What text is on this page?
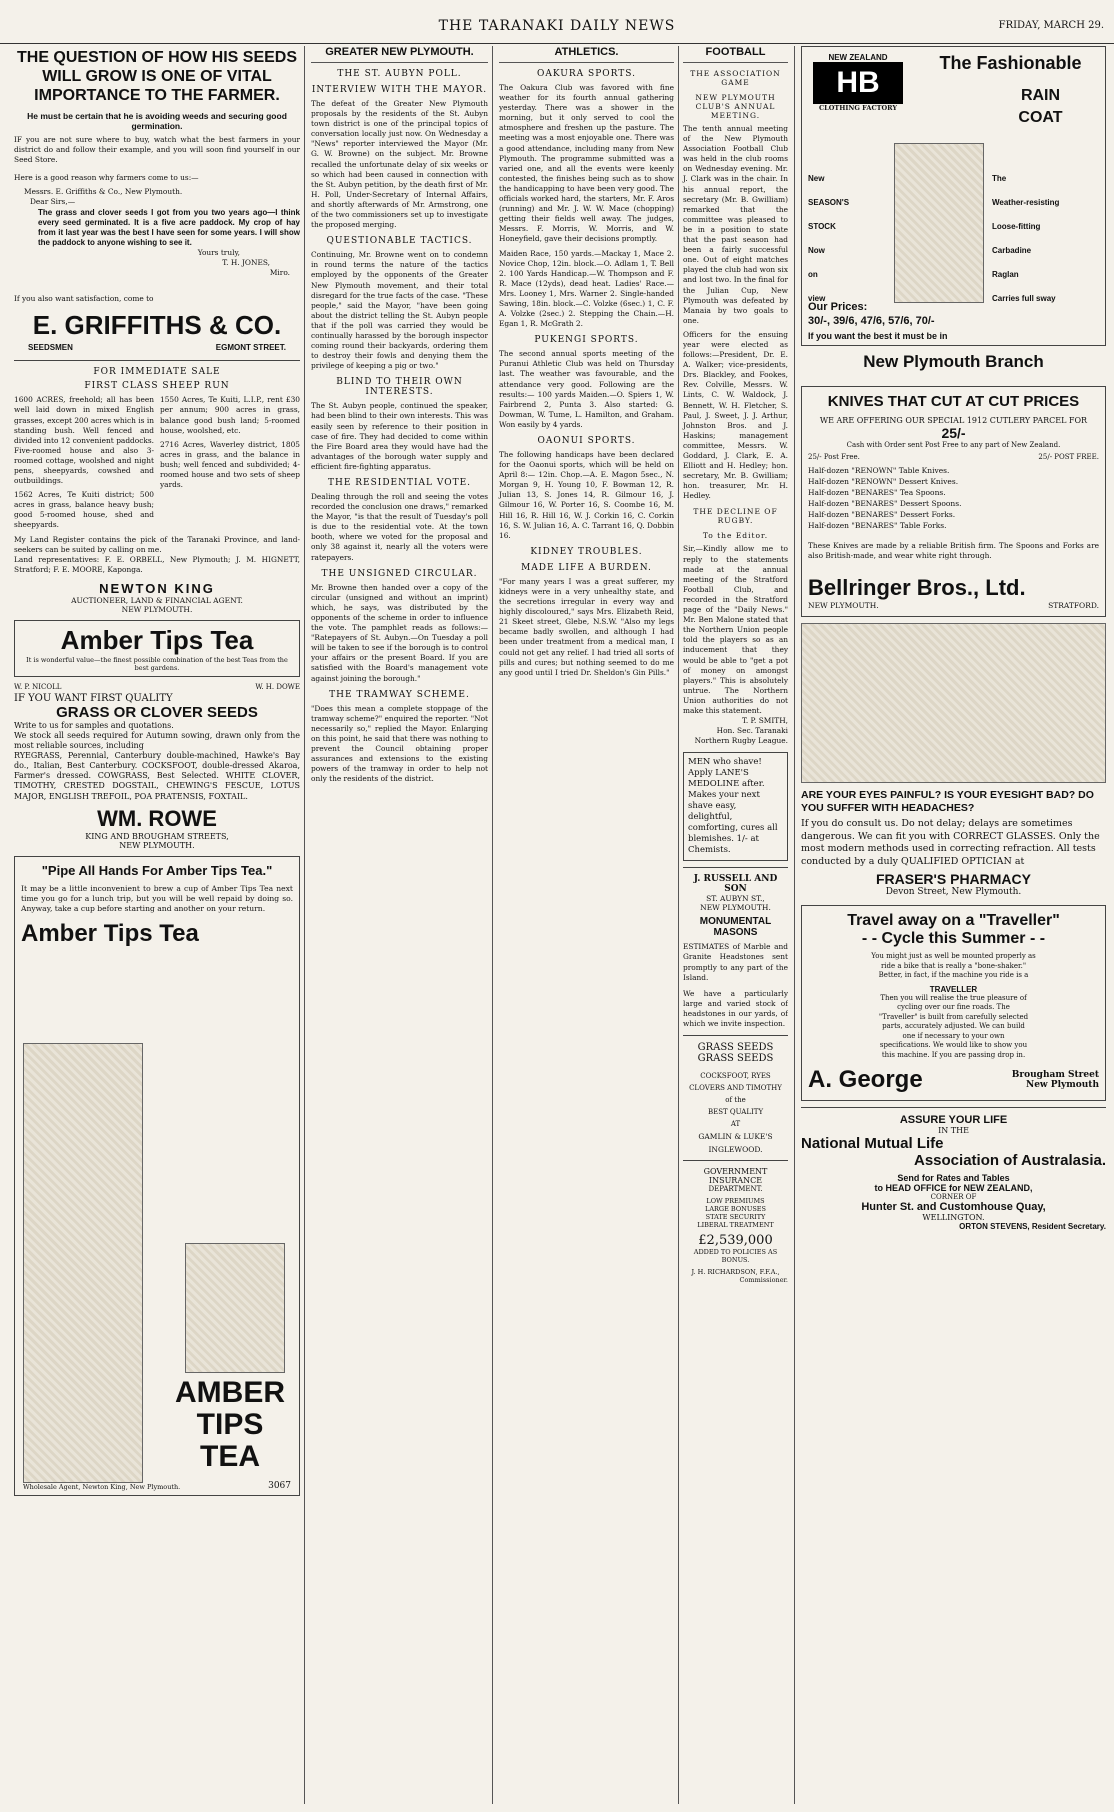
THE TARANAKI DAILY NEWS	FRIDAY, MARCH 29.
THE QUESTION OF HOW HIS SEEDS WILL GROW IS ONE OF VITAL IMPORTANCE TO THE FARMER.
He must be certain that he is avoiding weeds and securing good germination.
IF you are not sure where to buy, watch what the best farmers in your district do and follow their example, and you will soon find yourself in our Seed Store.
Here is a good reason why farmers come to us:—
Messrs. E. Griffiths & Co., New Plymouth.
Dear Sirs,—
The grass and clover seeds I got from you two years ago—I think every seed germinated. It is a five acre paddock. My crop of hay from it last year was the best I have seen for some years. I will show the paddock to anyone wishing to see it.
Yours truly,
T. H. JONES,
Miro.
If you also want satisfaction, come to
E. GRIFFITHS & CO.
SEEDSMEN	EGMONT STREET.
FOR IMMEDIATE SALE
FIRST CLASS SHEEP RUN
1600 ACRES, freehold; all has been well laid down in mixed English grasses, except 200 acres which is in standing bush. Well fenced and divided into 12 convenient paddocks. Five-roomed house and also 3-roomed cottage, woolshed and night pens, sheepyards, cowshed and outbuildings.
1562 Acres, Te Kuiti district; 500 acres in grass, balance heavy bush; good 5-roomed house, shed and sheepyards.
1550 Acres, Te Kuiti, L.I.P., rent £30 per annum; 900 acres in grass, balance good bush land; 5-roomed house, woolshed, etc.
2716 Acres, Waverley district, 1805 acres in grass, and the balance in bush; well fenced and subdivided; 4-roomed house and two sets of sheep yards.
My Land Register contains the pick of the Taranaki Province, and land-seekers can be suited by calling on me.
Land representatives: F. E. ORBELL, New Plymouth; J. M. HIGNETT, Stratford; F. E. MOORE, Kaponga.
NEWTON KING
AUCTIONEER, LAND & FINANCIAL AGENT.
NEW PLYMOUTH.
Amber Tips Tea
It is wonderful value—the finest possible combination of the best Teas from the best gardens.
W. P. NICOLL	W. H. DOWE
IF YOU WANT FIRST QUALITY
GRASS OR CLOVER SEEDS
Write to us for samples and quotations.
We stock all seeds required for Autumn sowing, drawn only from the most reliable sources, including
RYEGRASS, Perennial, Canterbury double-machined, Hawke's Bay do., Italian, Best Canterbury. COCKSFOOT, double-dressed Akaroa, Farmer's dressed. COWGRASS, Best Selected. WHITE CLOVER, TIMOTHY, CRESTED DOGSTAIL, CHEWING'S FESCUE, LOTUS MAJOR, ENGLISH TREFOIL, POA PRATENSIS, FOXTAIL.
WM. ROWE
KING AND BROUGHAM STREETS,
NEW PLYMOUTH.
"Pipe All Hands For Amber Tips Tea."
It may be a little inconvenient to brew a cup of Amber Tips Tea next time you go for a lunch trip, but you will be well repaid by doing so. Anyway, take a cup before starting and another on your return.
Amber Tips Tea
AMBER TIPS TEA
Wholesale Agent, Newton King, New Plymouth.	3067
GREATER NEW PLYMOUTH.
THE ST. AUBYN POLL.
INTERVIEW WITH THE MAYOR.
The defeat of the Greater New Plymouth proposals by the residents of the St. Aubyn town district is one of the principal topics of conversation locally just now. On Wednesday a "News" reporter interviewed the Mayor (Mr. G. W. Browne) on the subject. Mr. Browne recalled the unfortunate delay of six weeks or so which had been caused in connection with the St. Aubyn petition, by the death first of Mr. H. Poll, Under-Secretary of Internal Affairs, and shortly afterwards of Mr. Armstrong, one of the two commissioners set up to investigate the proposed merging.
QUESTIONABLE TACTICS.
Continuing, Mr. Browne went on to condemn in round terms the nature of the tactics employed by the opponents of the Greater New Plymouth movement, and their total disregard for the true facts of the case. "These people," said the Mayor, "have been going about the district telling the St. Aubyn people that if the poll was carried they would be continually harassed by the borough inspector coming round their backyards, ordering them to destroy their fowls and denying them the privilege of keeping a pig or two."
BLIND TO THEIR OWN INTERESTS.
The St. Aubyn people, continued the speaker, had been blind to their own interests. This was easily seen by reference to their position in case of fire. They had decided to come within the Fire Board area they would have had the advantages of the borough water supply and efficient fire-fighting apparatus.
THE RESIDENTIAL VOTE.
Dealing through the roll and seeing the votes recorded the conclusion one draws," remarked the Mayor, "is that the result of Tuesday's poll is due to the residential vote. At the town booth, where we voted for the proposal and only 38 against it, nearly all the voters were ratepayers.
THE UNSIGNED CIRCULAR.
Mr. Browne then handed over a copy of the circular (unsigned and without an imprint) which, he says, was distributed by the opponents of the scheme in order to influence the vote. The pamphlet reads as follows:— "Ratepayers of St. Aubyn.—On Tuesday a poll will be taken to see if the borough is to control your affairs or the present Board. If you are satisfied with the Board's management vote against joining the borough."
THE TRAMWAY SCHEME.
"Does this mean a complete stoppage of the tramway scheme?" enquired the reporter. "Not necessarily so," replied the Mayor. Enlarging on this point, he said that there was nothing to prevent the Council obtaining proper assurances and extensions to the existing powers of the tramway in order to help not only the residents of the district.
ATHLETICS.
OAKURA SPORTS.
The Oakura Club was favored with fine weather for its fourth annual gathering yesterday. There was a shower in the morning, but it only served to cool the atmosphere and freshen up the pasture. The meeting was a most enjoyable one. There was a good attendance, including many from New Plymouth. The programme submitted was a varied one, and all the events were keenly contested, the finishes being such as to show the handicapping to have been very good. The officials worked hard, the starters, Mr. F. Aros (running) and Mr. J. W. W. Mace (chopping) getting their fields well away. The judges, Messrs. F. Morris, W. Morris, and W. Honeyfield, gave their decisions promptly.
Maiden Race, 150 yards.—Mackay 1, Mace 2. Novice Chop, 12in. block.—O. Adlam 1, T. Bell 2. 100 Yards Handicap.—W. Thompson and F. R. Mace (12yds), dead heat. Ladies' Race.—Mrs. Looney 1, Mrs. Warner 2. Single-handed Sawing, 18in. block.—C. Volzke (6sec.) 1, C. F. A. Volzke (2sec.) 2. Stepping the Chain.—H. Egan 1, R. McGrath 2.
PUKENGI SPORTS.
The second annual sports meeting of the Puranui Athletic Club was held on Thursday last. The weather was favourable, and the attendance very good. Following are the results:— 100 yards Maiden.—O. Spiers 1, W. Fairbrend 2, Punta 3. Also started: G. Dowman, W. Tume, L. Hamilton, and Graham. Won easily by 4 yards.
OAONUI SPORTS.
The following handicaps have been declared for the Oaonui sports, which will be held on April 8:— 12in. Chop.—A. E. Magon 5sec., N. Morgan 9, H. Young 10, F. Bowman 12, R. Julian 13, S. Jones 14, R. Gilmour 16, J. Gilmour 16, W. Porter 16, S. Coombe 16, M. Hill 16, R. Hill 16, W. J. Corkin 16, C. Corkin 16, S. W. Julian 16, A. C. Tarrant 16, Q. Dobbin 16.
KIDNEY TROUBLES.
MADE LIFE A BURDEN.
"For many years I was a great sufferer, my kidneys were in a very unhealthy state, and the secretions irregular in every way and highly discoloured," says Mrs. Elizabeth Reid, 21 Skeet street, Glebe, N.S.W. "Also my legs became badly swollen, and although I had been under treatment from a medical man, I could not get any relief. I had tried all sorts of pills and cures; but nothing seemed to do me any good until I tried Dr. Sheldon's Gin Pills."
FOOTBALL
THE ASSOCIATION GAME
NEW PLYMOUTH CLUB'S ANNUAL MEETING.
The tenth annual meeting of the New Plymouth Association Football Club was held in the club rooms on Wednesday evening. Mr. J. Clark was in the chair. In his annual report, the secretary (Mr. B. Gwilliam) remarked that the committee was pleased to be in a position to state that the past season had been a fairly successful one. Out of eight matches played the club had won six and lost two. In the final for the Julian Cup, New Plymouth was defeated by Manaia by two goals to one.
Officers for the ensuing year were elected as follows:—President, Dr. E. A. Walker; vice-presidents, Drs. Blackley, and Fookes, Rev. Colville, Messrs. W. Lints, C. W. Waldock, J. Bennett, W. H. Fletcher, S. Paul, J. Sweet, J. J. Arthur, Johnston Bros. and J. Haskins; management committee, Messrs. W. Goddard, J. Clark, E. A. Elliott and H. Hedley; hon. secretary, Mr. B. Gwilliam; hon. treasurer, Mr. H. Hedley.
THE DECLINE OF RUGBY.
To the Editor.
Sir,—Kindly allow me to reply to the statements made at the annual meeting of the Stratford Football Club, and recorded in the Stratford page of the "Daily News." Mr. Ben Malone stated that the Northern Union people told the players so as an inducement that they would be able to "get a pot of money on amongst players." This is absolutely untrue. The Northern Union authorities do not make this statement.
T. P. SMITH,
Hon. Sec. Taranaki Northern Rugby League.
MEN who shave! Apply LANE'S MEDOLINE after. Makes your next shave easy, delightful, comforting, cures all blemishes. 1/- at Chemists.
J. RUSSELL AND SON
ST. AUBYN ST.,
NEW PLYMOUTH.
MONUMENTAL MASONS
ESTIMATES of Marble and Granite Headstones sent promptly to any part of the Island.
We have a particularly large and varied stock of headstones in our yards, of which we invite inspection.
GRASS SEEDS
GRASS SEEDS
COCKSFOOT, RYES
CLOVERS AND TIMOTHY
of the
BEST QUALITY
AT
GAMLIN & LUKE'S
INGLEWOOD.
GOVERNMENT INSURANCE
DEPARTMENT.
LOW PREMIUMS
LARGE BONUSES
STATE SECURITY
LIBERAL TREATMENT
£2,539,000
ADDED TO POLICIES AS BONUS.
J. H. RICHARDSON, F.F.A.,
Commissioner.
NEW ZEALAND
HB
CLOTHING FACTORY
The Fashionable
RAIN
COAT
New
SEASON'S
STOCK
Now
on
view
The
Weather-resisting
Loose-fitting
Carbadine
Raglan
Carries full sway
Our Prices:
30/-, 39/6, 47/6, 57/6, 70/-
If you want the best it must be in
New Plymouth Branch
KNIVES THAT CUT AT CUT PRICES
WE ARE OFFERING OUR SPECIAL 1912 CUTLERY PARCEL FOR
25/-
Cash with Order sent Post Free to any part of New Zealand.
25/- Post Free.	25/- POST FREE.
Half-dozen "RENOWN" Table Knives.
Half-dozen "RENOWN" Dessert Knives.
Half-dozen "BENARES" Tea Spoons.
Half-dozen "BENARES" Dessert Spoons.
Half-dozen "BENARES" Dessert Forks.
Half-dozen "BENARES" Table Forks.
These Knives are made by a reliable British firm. The Spoons and Forks are also British-made, and wear white right through.
Bellringer Bros., Ltd.
NEW PLYMOUTH.	STRATFORD.
ARE YOUR EYES PAINFUL? IS YOUR EYESIGHT BAD? DO YOU SUFFER WITH HEADACHES?
If you do consult us. Do not delay; delays are sometimes dangerous. We can fit you with CORRECT GLASSES. Only the most modern methods used in correcting refraction. All tests conducted by a duly QUALIFIED OPTICIAN at
FRASER'S PHARMACY
Devon Street, New Plymouth.
Travel away on a "Traveller"
- - Cycle this Summer - -
You might just as well be mounted properly as ride a bike that is really a "bone-shaker." Better, in fact, if the machine you ride is a
TRAVELLER
Then you will realise the true pleasure of cycling over our fine roads. The "Traveller" is built from carefully selected parts, accurately adjusted. We can build one if necessary to your own specifications. We would like to show you this machine. If you are passing drop in.
A. George	Brougham Street
New Plymouth
ASSURE YOUR LIFE
IN THE
National Mutual Life
Association of Australasia.
Send for Rates and Tables
to HEAD OFFICE for NEW ZEALAND,
CORNER OF
Hunter St. and Customhouse Quay,
WELLINGTON.
ORTON STEVENS, Resident Secretary.
